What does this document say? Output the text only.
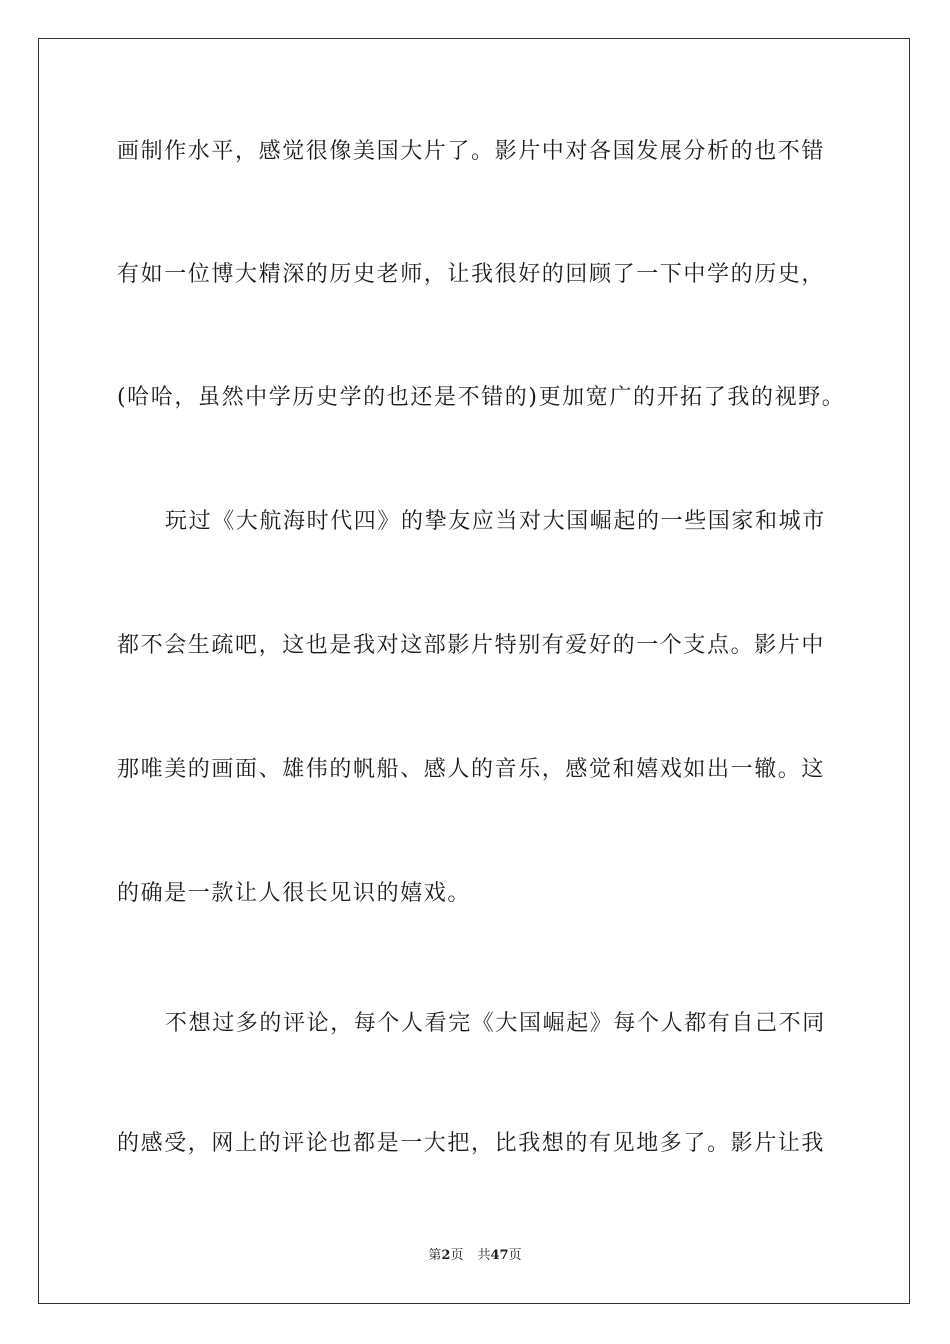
画制作水平，感觉很像美国大片了。影片中对各国发展分析的也不错
有如一位博大精深的历史老师，让我很好的回顾了一下中学的历史，
(哈哈，虽然中学历史学的也还是不错的)更加宽广的开拓了我的视野。
玩过《大航海时代四》的挚友应当对大国崛起的一些国家和城市
都不会生疏吧，这也是我对这部影片特别有爱好的一个支点。影片中
那唯美的画面、雄伟的帆船、感人的音乐，感觉和嬉戏如出一辙。这
的确是一款让人很长见识的嬉戏。
不想过多的评论，每个人看完《大国崛起》每个人都有自己不同
的感受，网上的评论也都是一大把，比我想的有见地多了。影片让我
第2页 共47页
